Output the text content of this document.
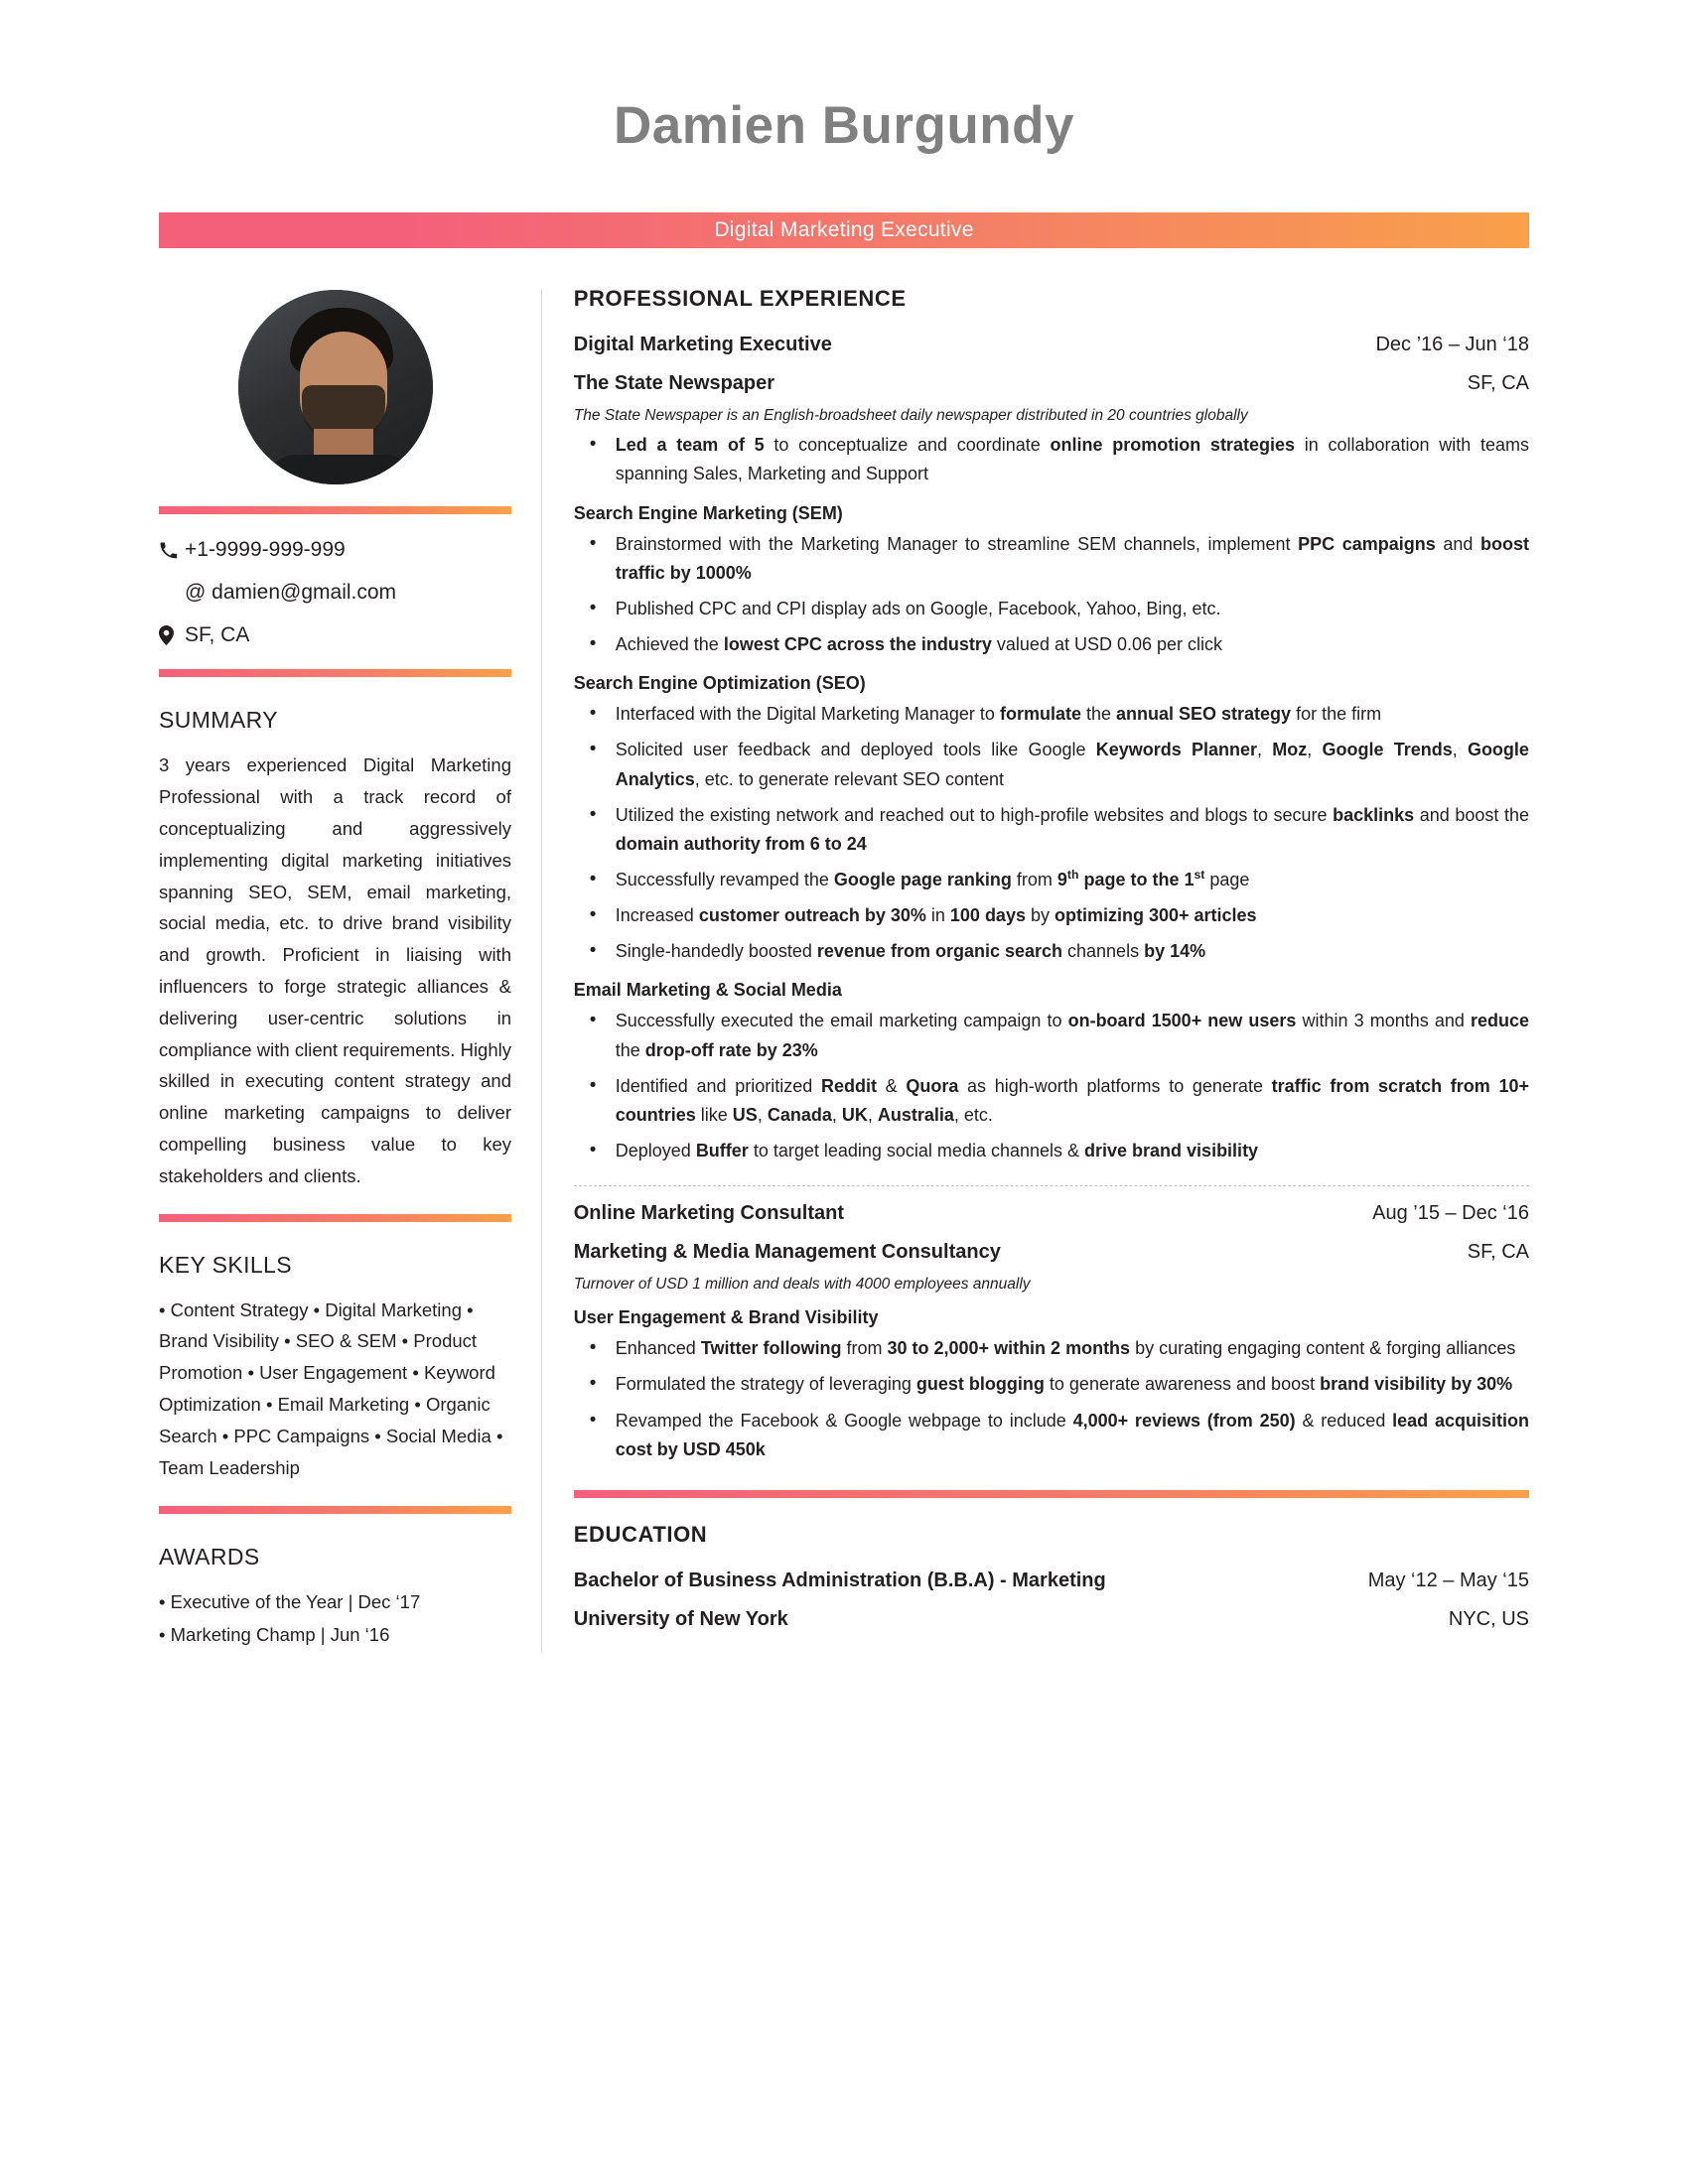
Damien Burgundy
Digital Marketing Executive
+1-9999-999-999
@ damien@gmail.com
SF, CA
SUMMARY
3 years experienced Digital Marketing Professional with a track record of conceptualizing and aggressively implementing digital marketing initiatives spanning SEO, SEM, email marketing, social media, etc. to drive brand visibility and growth. Proficient in liaising with influencers to forge strategic alliances & delivering user-centric solutions in compliance with client requirements. Highly skilled in executing content strategy and online marketing campaigns to deliver compelling business value to key stakeholders and clients.
KEY SKILLS
• Content Strategy • Digital Marketing • Brand Visibility • SEO & SEM • Product Promotion • User Engagement • Keyword Optimization • Email Marketing • Organic Search • PPC Campaigns • Social Media • Team Leadership
AWARDS
• Executive of the Year | Dec ‘17
• Marketing Champ | Jun ‘16
PROFESSIONAL EXPERIENCE
Digital Marketing Executive	Dec ’16 – Jun ‘18
The State Newspaper	SF, CA
The State Newspaper is an English-broadsheet daily newspaper distributed in 20 countries globally
• Led a team of 5 to conceptualize and coordinate online promotion strategies in collaboration with teams spanning Sales, Marketing and Support
Search Engine Marketing (SEM)
• Brainstormed with the Marketing Manager to streamline SEM channels, implement PPC campaigns and boost traffic by 1000%
• Published CPC and CPI display ads on Google, Facebook, Yahoo, Bing, etc.
• Achieved the lowest CPC across the industry valued at USD 0.06 per click
Search Engine Optimization (SEO)
• Interfaced with the Digital Marketing Manager to formulate the annual SEO strategy for the firm
• Solicited user feedback and deployed tools like Google Keywords Planner, Moz, Google Trends, Google Analytics, etc. to generate relevant SEO content
• Utilized the existing network and reached out to high-profile websites and blogs to secure backlinks and boost the domain authority from 6 to 24
• Successfully revamped the Google page ranking from 9th page to the 1st page
• Increased customer outreach by 30% in 100 days by optimizing 300+ articles
• Single-handedly boosted revenue from organic search channels by 14%
Email Marketing & Social Media
• Successfully executed the email marketing campaign to on-board 1500+ new users within 3 months and reduce the drop-off rate by 23%
• Identified and prioritized Reddit & Quora as high-worth platforms to generate traffic from scratch from 10+ countries like US, Canada, UK, Australia, etc.
• Deployed Buffer to target leading social media channels & drive brand visibility
Online Marketing Consultant	Aug ’15 – Dec ‘16
Marketing & Media Management Consultancy	SF, CA
Turnover of USD 1 million and deals with 4000 employees annually
User Engagement & Brand Visibility
• Enhanced Twitter following from 30 to 2,000+ within 2 months by curating engaging content & forging alliances
• Formulated the strategy of leveraging guest blogging to generate awareness and boost brand visibility by 30%
• Revamped the Facebook & Google webpage to include 4,000+ reviews (from 250) & reduced lead acquisition cost by USD 450k
EDUCATION
Bachelor of Business Administration (B.B.A) - Marketing	May ‘12 – May ‘15
University of New York	NYC, US
